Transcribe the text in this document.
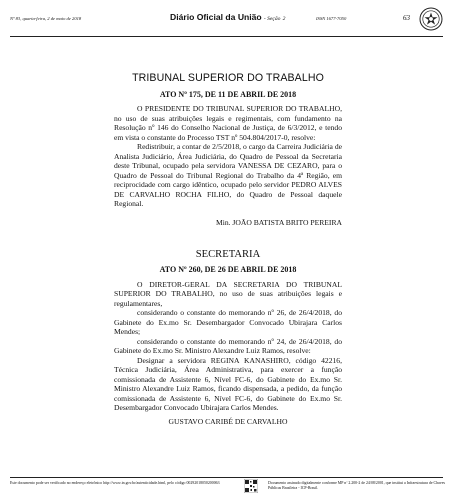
Nº 83, quarta-feira, 2 de maio de 2018	Diário Oficial da União - Seção 2	ISSN 1677-7050	63

TRIBUNAL SUPERIOR DO TRABALHO

ATO Nº 175, DE 11 DE ABRIL DE 2018

O PRESIDENTE DO TRIBUNAL SUPERIOR DO TRABALHO, no uso de suas atribuições legais e regimentais, com fundamento na Resolução nº 146 do Conselho Nacional de Justiça, de 6/3/2012, e tendo em vista o constante do Processo TST nº 504.804/2017-0, resolve:

Redistribuir, a contar de 2/5/2018, o cargo da Carreira Judiciária de Analista Judiciário, Área Judiciária, do Quadro de Pessoal da Secretaria deste Tribunal, ocupado pela servidora VANESSA DE CEZARO, para o Quadro de Pessoal do Tribunal Regional do Trabalho da 4ª Região, em reciprocidade com cargo idêntico, ocupado pelo servidor PEDRO ALVES DE CARVALHO ROCHA FILHO, do Quadro de Pessoal daquele Regional.

Min. JOÃO BATISTA BRITO PEREIRA

SECRETARIA

ATO Nº 260, DE 26 DE ABRIL DE 2018

O DIRETOR-GERAL DA SECRETARIA DO TRIBUNAL SUPERIOR DO TRABALHO, no uso de suas atribuições legais e regulamentares,

considerando o constante do memorando nº 26, de 26/4/2018, do Gabinete do Ex.mo Sr. Desembargador Convocado Ubirajara Carlos Mendes;

considerando o constante do memorando nº 24, de 26/4/2018, do Gabinete do Ex.mo Sr. Ministro Alexandre Luiz Ramos, resolve:

Designar a servidora REGINA KANASHIRO, código 42216, Técnica Judiciária, Área Administrativa, para exercer a função comissionada de Assistente 6, Nível FC-6, do Gabinete do Ex.mo Sr. Ministro Alexandre Luiz Ramos, ficando dispensada, a pedido, da função comissionada de Assistente 6, Nível FC-6, do Gabinete do Ex.mo Sr. Desembargador Convocado Ubirajara Carlos Mendes.

GUSTAVO CARIBÉ DE CARVALHO

Este documento pode ser verificado no endereço eletrônico http://www.in.gov.br/autenticidade.html, pelo código 00292018050200063	Documento assinado digitalmente conforme MP nº 2.200-2 de 24/08/2001, que institui a Infraestrutura de Chaves Públicas Brasileira - ICP-Brasil.
